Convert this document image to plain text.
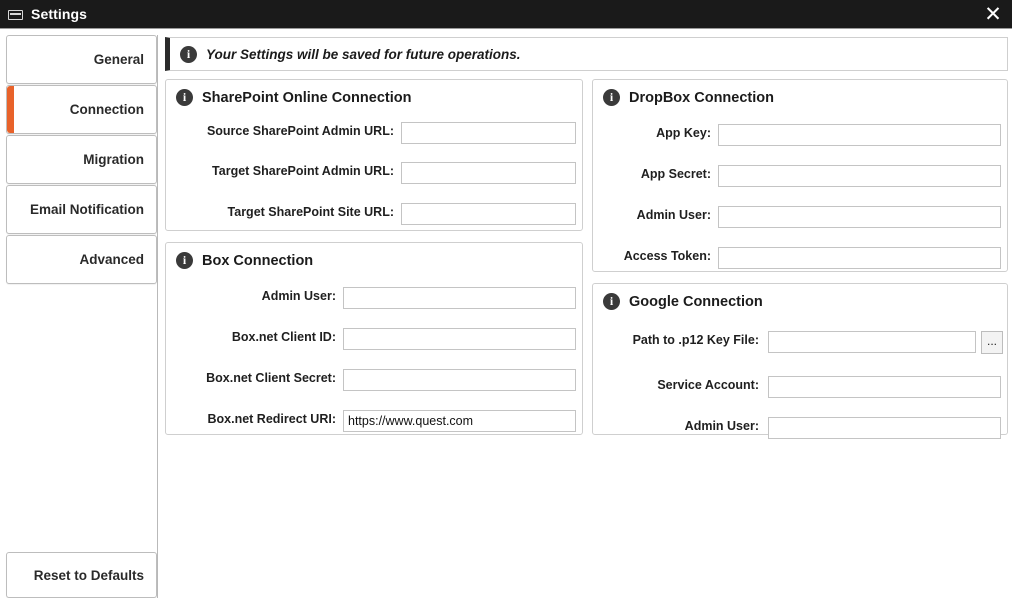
Settings	✕
General
Connection
Migration
Email Notification
Advanced
Reset to Defaults
i	Your Settings will be saved for future operations.
i	SharePoint Online Connection
Source SharePoint Admin URL:
Target SharePoint Admin URL:
Target SharePoint Site URL:
i	Box Connection
Admin User:
Box.net Client ID:
Box.net Client Secret:
Box.net Redirect URI:
https://www.quest.com
i	DropBox Connection
App Key:
App Secret:
Admin User:
Access Token:
i	Google Connection
Path to .p12 Key File:	...
Service Account:
Admin User:
